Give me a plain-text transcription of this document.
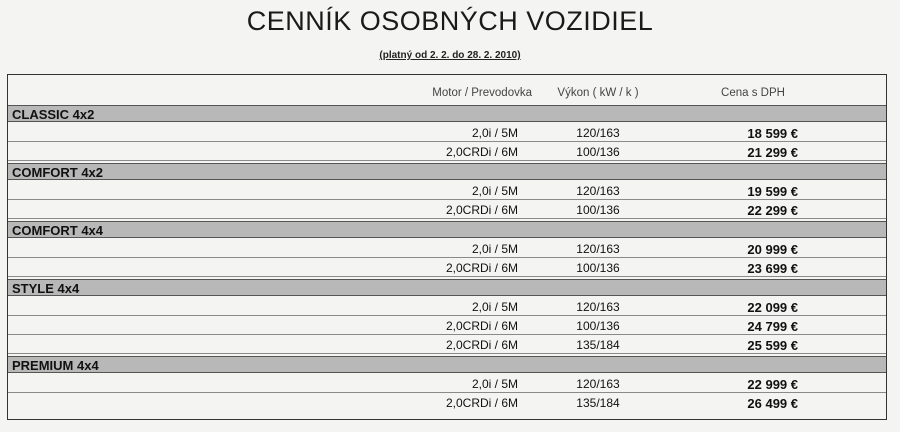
CENNÍK OSOBNÝCH VOZIDIEL
(platný od 2. 2. do 28. 2. 2010)
Motor / Prevodovka	Výkon ( kW / k )	Cena s DPH
CLASSIC 4x2
2,0i / 5M	120/163	18 599 €
2,0CRDi / 6M	100/136	21 299 €
COMFORT 4x2
2,0i / 5M	120/163	19 599 €
2,0CRDi / 6M	100/136	22 299 €
COMFORT 4x4
2,0i / 5M	120/163	20 999 €
2,0CRDi / 6M	100/136	23 699 €
STYLE 4x4
2,0i / 5M	120/163	22 099 €
2,0CRDi / 6M	100/136	24 799 €
2,0CRDi / 6M	135/184	25 599 €
PREMIUM 4x4
2,0i / 5M	120/163	22 999 €
2,0CRDi / 6M	135/184	26 499 €
